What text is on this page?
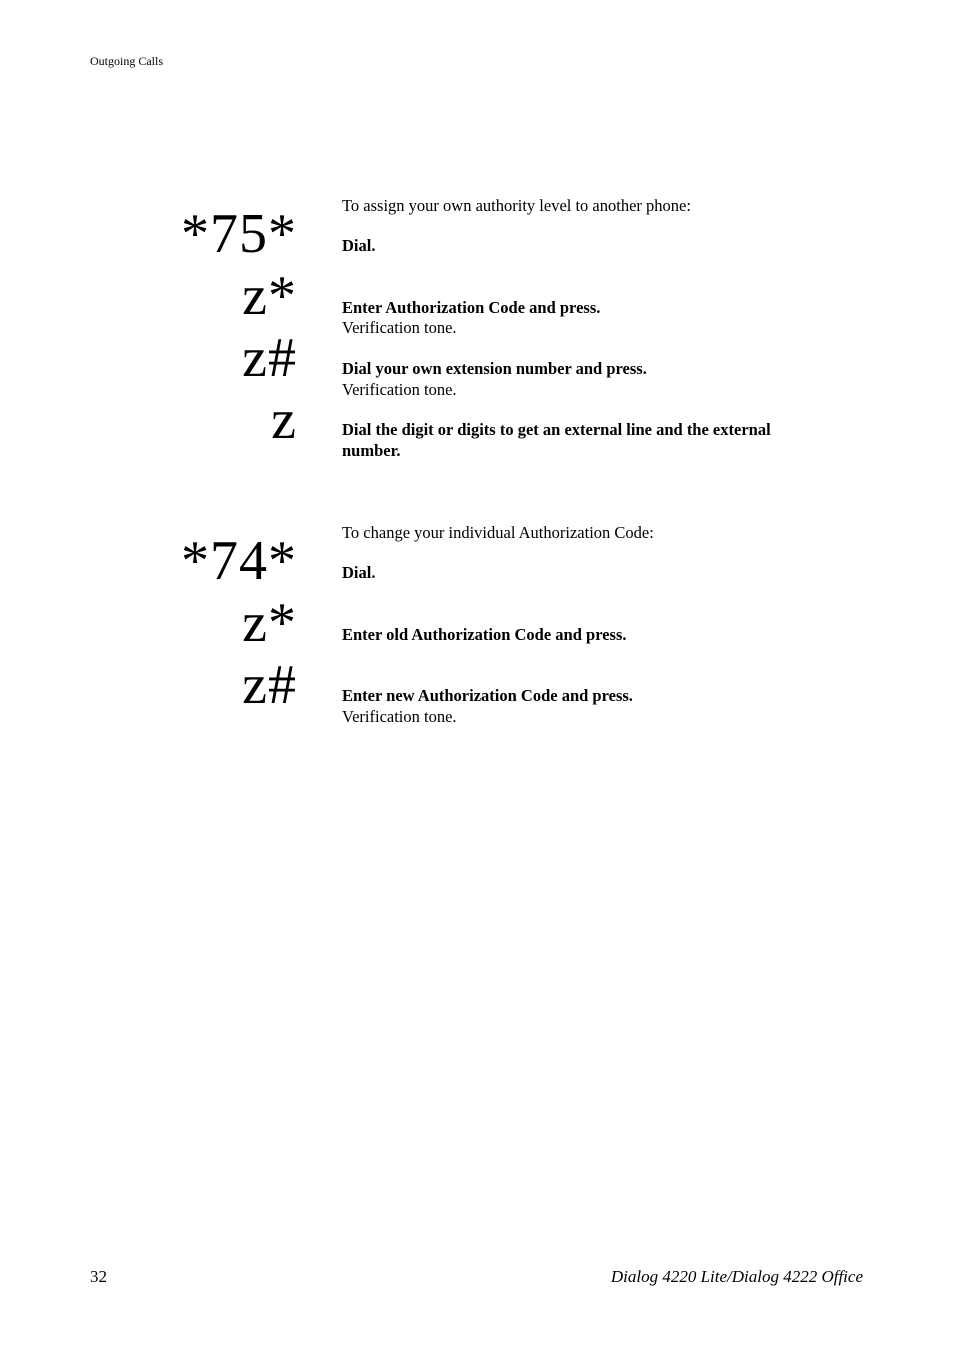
Outgoing Calls
To assign your own authority level to another phone:
*75*	Dial.
z*	Enter Authorization Code and press.
Verification tone.
z#	Dial your own extension number and press.
Verification tone.
z	Dial the digit or digits to get an external line and the external number.
To change your individual Authorization Code:
*74*	Dial.
z*	Enter old Authorization Code and press.
z#	Enter new Authorization Code and press.
Verification tone.
32	Dialog 4220 Lite/Dialog 4222 Office
